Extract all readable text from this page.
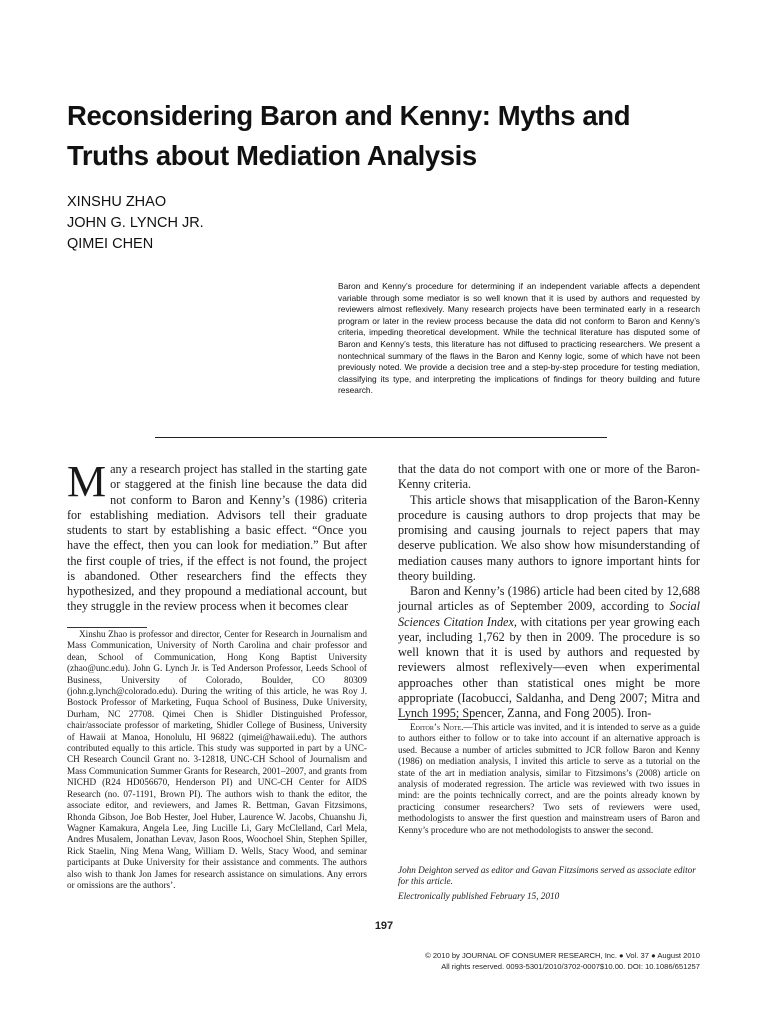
Reconsidering Baron and Kenny: Myths and Truths about Mediation Analysis
XINSHU ZHAO
JOHN G. LYNCH JR.
QIMEI CHEN

Baron and Kenny’s procedure for determining if an independent variable affects a dependent variable through some mediator is so well known that it is used by authors and requested by reviewers almost reflexively. Many research projects have been terminated early in a research program or later in the review process because the data did not conform to Baron and Kenny’s criteria, impeding theoretical development. While the technical literature has disputed some of Baron and Kenny’s tests, this literature has not diffused to practicing researchers. We present a nontechnical summary of the flaws in the Baron and Kenny logic, some of which have not been previously noted. We provide a decision tree and a step-by-step procedure for testing mediation, classifying its type, and interpreting the implications of findings for theory building and future research.

Many a research project has stalled in the starting gate or staggered at the finish line because the data did not conform to Baron and Kenny’s (1986) criteria for establishing mediation. Advisors tell their graduate students to start by establishing a basic effect. “Once you have the effect, then you can look for mediation.” But after the first couple of tries, if the effect is not found, the project is abandoned. Other researchers find the effects they hypothesized, and they propound a mediational account, but they struggle in the review process when it becomes clear

that the data do not comport with one or more of the Baron-Kenny criteria.

This article shows that misapplication of the Baron-Kenny procedure is causing authors to drop projects that may be promising and causing journals to reject papers that may deserve publication. We also show how misunderstanding of mediation causes many authors to ignore important hints for theory building.

Baron and Kenny’s (1986) article had been cited by 12,688 journal articles as of September 2009, according to Social Sciences Citation Index, with citations per year growing each year, including 1,762 by then in 2009. The procedure is so well known that it is used by authors and requested by reviewers almost reflexively—even when experimental approaches other than statistical ones might be more appropriate (Iacobucci, Saldanha, and Deng 2007; Mitra and Lynch 1995; Spencer, Zanna, and Fong 2005). Iron-

Xinshu Zhao is professor and director, Center for Research in Journalism and Mass Communication, University of North Carolina and chair professor and dean, School of Communication, Hong Kong Baptist University (zhao@unc.edu). John G. Lynch Jr. is Ted Anderson Professor, Leeds School of Business, University of Colorado, Boulder, CO 80309 (john.g.lynch@colorado.edu). During the writing of this article, he was Roy J. Bostock Professor of Marketing, Fuqua School of Business, Duke University, Durham, NC 27708. Qimei Chen is Shidler Distinguished Professor, chair/associate professor of marketing, Shidler College of Business, University of Hawaii at Manoa, Honolulu, HI 96822 (qimei@hawaii.edu). The authors contributed equally to this article. This study was supported in part by a UNC-CH Research Council Grant no. 3-12818, UNC-CH School of Journalism and Mass Communication Summer Grants for Research, 2001–2007, and grants from NICHD (R24 HD056670, Henderson PI) and UNC-CH Center for AIDS Research (no. 07-1191, Brown PI). The authors wish to thank the editor, the associate editor, and reviewers, and James R. Bettman, Gavan Fitzsimons, Rhonda Gibson, Joe Bob Hester, Joel Huber, Laurence W. Jacobs, Chuanshu Ji, Wagner Kamakura, Angela Lee, Jing Lucille Li, Gary McClelland, Carl Mela, Andres Musalem, Jonathan Levav, Jason Roos, Woochoel Shin, Stephen Spiller, Rick Staelin, Ning Mena Wang, William D. Wells, Stacy Wood, and seminar participants at Duke University for their assistance and comments. The authors also wish to thank Jon James for research assistance on simulations. Any errors or omissions are the authors’.

Editor’s Note.—This article was invited, and it is intended to serve as a guide to authors either to follow or to take into account if an alternative approach is used. Because a number of articles submitted to JCR follow Baron and Kenny (1986) on mediation analysis, I invited this article to serve as a tutorial on the state of the art in mediation analysis, similar to Fitzsimons’s (2008) article on analysis of moderated regression. The article was reviewed with two issues in mind: are the points technically correct, and are the points already known by practicing consumer researchers? Two sets of reviewers were used, methodologists to answer the first question and mainstream users of Baron and Kenny’s procedure who are not methodologists to answer the second.

John Deighton served as editor and Gavan Fitzsimons served as associate editor for this article.

Electronically published February 15, 2010

197
© 2010 by JOURNAL OF CONSUMER RESEARCH, Inc. ● Vol. 37 ● August 2010
All rights reserved. 0093-5301/2010/3702-0007$10.00. DOI: 10.1086/651257
